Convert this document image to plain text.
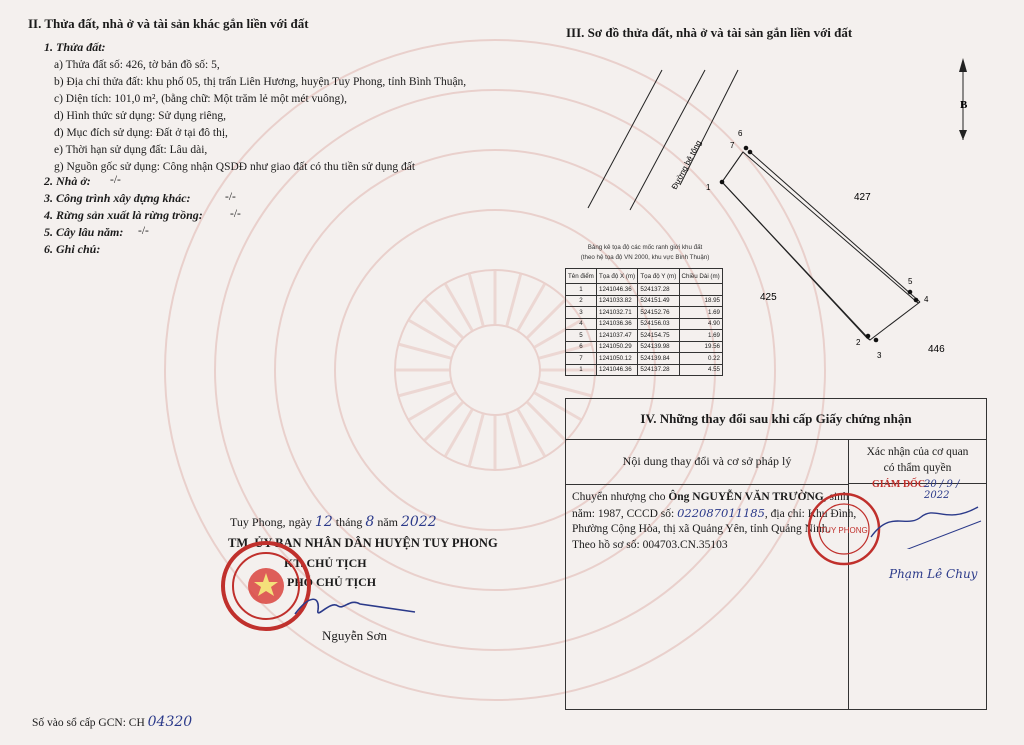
II. Thửa đất, nhà ở và tài sản khác gắn liền với đất
1. Thửa đất:
a) Thửa đất số: 426, tờ bản đồ số: 5,
b) Địa chỉ thửa đất: khu phố 05, thị trấn Liên Hương, huyện Tuy Phong, tỉnh Bình Thuận,
c) Diện tích: 101,0 m², (bằng chữ: Một trăm lẻ một mét vuông),
d) Hình thức sử dụng: Sử dụng riêng,
đ) Mục đích sử dụng: Đất ở tại đô thị,
e) Thời hạn sử dụng đất: Lâu dài,
g) Nguồn gốc sử dụng: Công nhận QSDĐ như giao đất có thu tiền sử dụng đất
2. Nhà ở: -/-
3. Công trình xây dựng khác:	-/-
4. Rừng sản xuất là rừng trồng: -/-
5. Cây lâu năm: -/-
6. Ghi chú:
Tuy Phong, ngày 12 tháng 8 năm 2022
TM. ỦY BAN NHÂN DÂN HUYỆN TUY PHONG
KT. CHỦ TỊCH
PHÓ CHỦ TỊCH
Nguyễn Sơn
Số vào sổ cấp GCN: CH 04320
III. Sơ đồ thửa đất, nhà ở và tài sản gắn liền với đất
B
Đường bê tông 1
2
3
4
5
6
7
427
425
446
Bảng kê tọa độ các mốc ranh giới khu đất
(theo hệ tọa độ VN 2000, khu vực Bình Thuận)
Tên điểm	Tọa độ X (m)	Tọa độ Y (m)	Chiều Dài (m)
1	1241046.36	524137.28	
2	1241033.82	524151.49	18.95
3	1241032.71	524152.76	1.69
4	1241036.36	524156.03	4.90
5	1241037.47	524154.75	1.69
6	1241050.29	524139.98	19.56
7	1241050.12	524139.84	0.22
1	1241046.36	524137.28	4.55
IV. Những thay đổi sau khi cấp Giấy chứng nhận
Nội dung thay đổi và cơ sở pháp lý
Xác nhận của cơ quan
có thẩm quyền
Chuyển nhượng cho Ông NGUYỄN VĂN TRƯỜNG, sinh
năm: 1987, CCCD số: 022087011185, địa chỉ: Khu Đình,
Phường Cộng Hòa, thị xã Quảng Yên, tỉnh Quảng Ninh.
Theo hồ sơ số: 004703.CN.35103
TUY PHONG
GIÁM ĐỐC
20 / 9 / 2022
Phạm Lê Chuy
